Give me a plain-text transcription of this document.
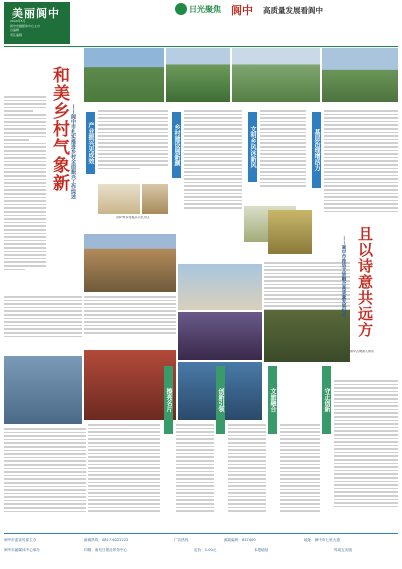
美丽阆中
2024年5月
阆中市融媒体中心主办
总编辑
责任编辑
日光聚焦 阆中 高质量发展看阆中
和美乡村气象新 ——阆中市扎实推进乡村全面振兴工作综述 产业振兴见成效
阆中市乡村振兴示范片区
乡村建设展新颜	文明乡风沐新风	基层治理增活力
且以诗意共远方
——阆中市推进文旅融合高质量发展纪实
阆中古城游人如织
擦亮名片	文旅融合
创新引领	守正创新
阆中市委宣传部主办	新闻热线：0817-6222222	广告热线	邮政编码：637400	地址：阆中市七里大道
阆中市融媒体中心承办	印刷：南充日报社印务中心	定价：1.00元	本报地址	每周五出版
